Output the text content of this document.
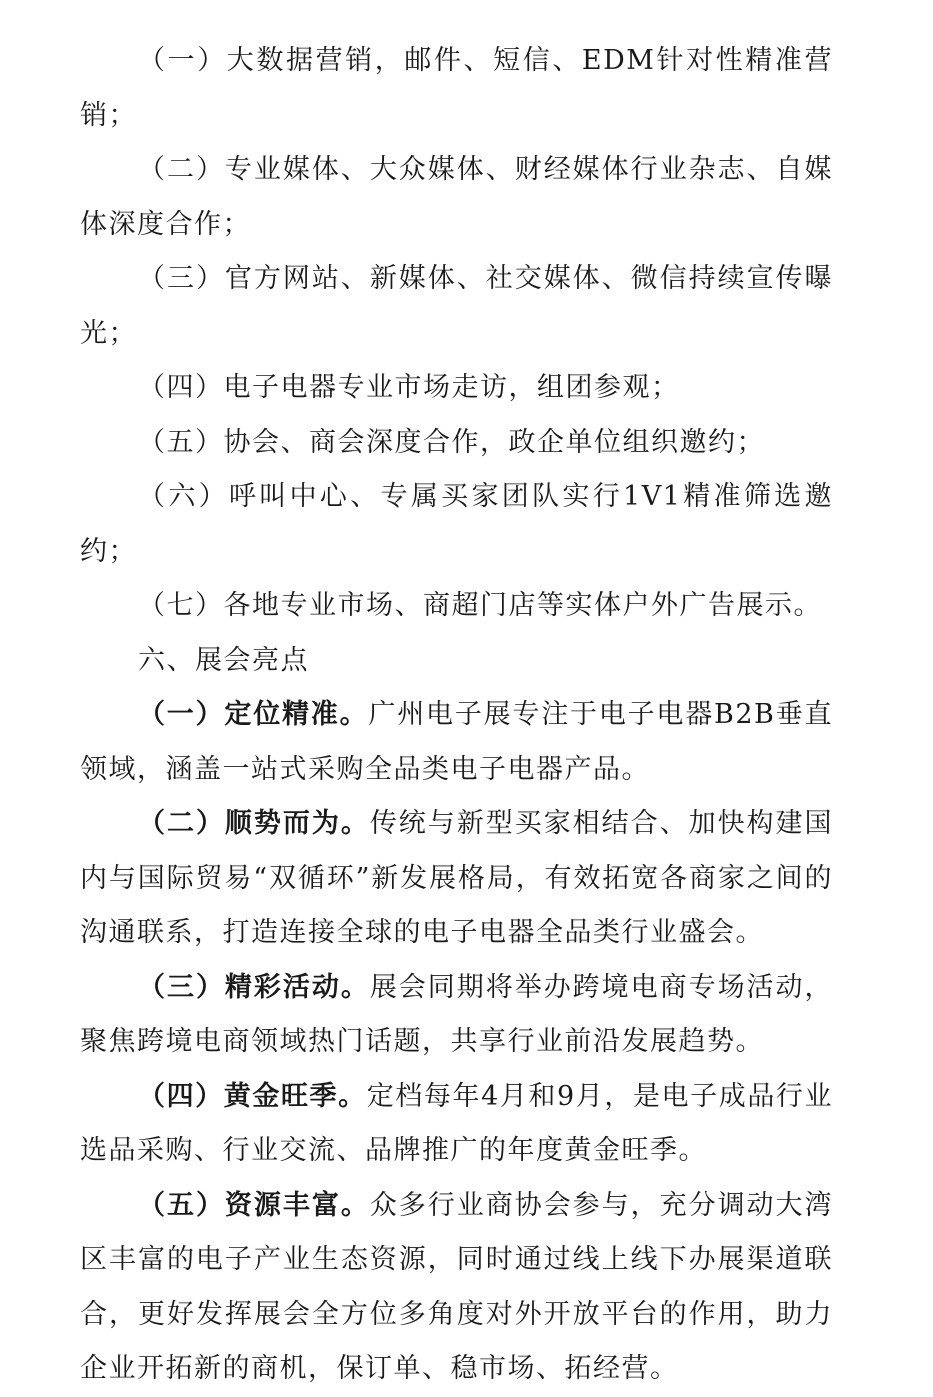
（一）大数据营销，邮件、短信、EDM针对性精准营销；

（二）专业媒体、大众媒体、财经媒体行业杂志、自媒体深度合作；

（三）官方网站、新媒体、社交媒体、微信持续宣传曝光；

（四）电子电器专业市场走访，组团参观；

（五）协会、商会深度合作，政企单位组织邀约；

（六）呼叫中心、专属买家团队实行1V1精准筛选邀约；

（七）各地专业市场、商超门店等实体户外广告展示。

六、展会亮点

（一）定位精准。广州电子展专注于电子电器B2B垂直领域，涵盖一站式采购全品类电子电器产品。

（二）顺势而为。传统与新型买家相结合、加快构建国内与国际贸易“双循环”新发展格局，有效拓宽各商家之间的沟通联系，打造连接全球的电子电器全品类行业盛会。

（三）精彩活动。展会同期将举办跨境电商专场活动，聚焦跨境电商领域热门话题，共享行业前沿发展趋势。

（四）黄金旺季。定档每年4月和9月，是电子成品行业选品采购、行业交流、品牌推广的年度黄金旺季。

（五）资源丰富。众多行业商协会参与，充分调动大湾区丰富的电子产业生态资源，同时通过线上线下办展渠道联合，更好发挥展会全方位多角度对外开放平台的作用，助力企业开拓新的商机，保订单、稳市场、拓经营。
